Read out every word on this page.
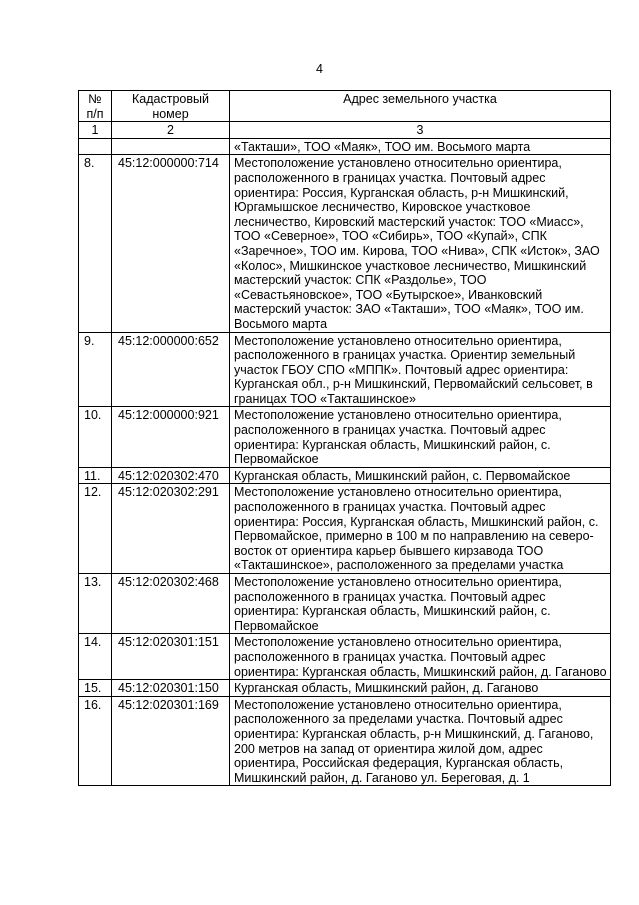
4
№ п/п	Кадастровый номер	Адрес земельного участка
1	2	3
		«Такташи», ТОО «Маяк», ТОО им. Восьмого марта
8.	45:12:000000:714	Местоположение установлено относительно ориентира, расположенного в границах участка. Почтовый адрес ориентира: Россия, Курганская область, р-н Мишкинский, Юргамышское лесничество, Кировское участковое лесничество, Кировский мастерский участок: ТОО «Миасс», ТОО «Северное», ТОО «Сибирь», ТОО «Купай», СПК «Заречное», ТОО им. Кирова, ТОО «Нива», СПК «Исток», ЗАО «Колос», Мишкинское участковое лесничество, Мишкинский мастерский участок: СПК «Раздолье», ТОО «Севастьяновское», ТОО «Бутырское», Иванковский мастерский участок: ЗАО «Такташи», ТОО «Маяк», ТОО им. Восьмого марта
9.	45:12:000000:652	Местоположение установлено относительно ориентира, расположенного в границах участка. Ориентир земельный участок ГБОУ СПО «МППК». Почтовый адрес ориентира: Курганская обл., р-н Мишкинский, Первомайский сельсовет, в границах ТОО «Такташинское»
10.	45:12:000000:921	Местоположение установлено относительно ориентира, расположенного в границах участка. Почтовый адрес ориентира: Курганская область, Мишкинский район, с. Первомайское
11.	45:12:020302:470	Курганская область, Мишкинский район, с. Первомайское
12.	45:12:020302:291	Местоположение установлено относительно ориентира, расположенного в границах участка. Почтовый адрес ориентира: Россия, Курганская область, Мишкинский район, с. Первомайское, примерно в 100 м по направлению на северо-восток от ориентира карьер бывшего кирзавода ТОО «Такташинское», расположенного за пределами участка
13.	45:12:020302:468	Местоположение установлено относительно ориентира, расположенного в границах участка. Почтовый адрес ориентира: Курганская область, Мишкинский район, с. Первомайское
14.	45:12:020301:151	Местоположение установлено относительно ориентира, расположенного в границах участка. Почтовый адрес ориентира: Курганская область, Мишкинский район, д. Гаганово
15.	45:12:020301:150	Курганская область, Мишкинский район, д. Гаганово
16.	45:12:020301:169	Местоположение установлено относительно ориентира, расположенного за пределами участка. Почтовый адрес ориентира: Курганская область, р-н Мишкинский, д. Гаганово, 200 метров на запад от ориентира жилой дом, адрес ориентира, Российская федерация, Курганская область, Мишкинский район, д. Гаганово ул. Береговая, д. 1
